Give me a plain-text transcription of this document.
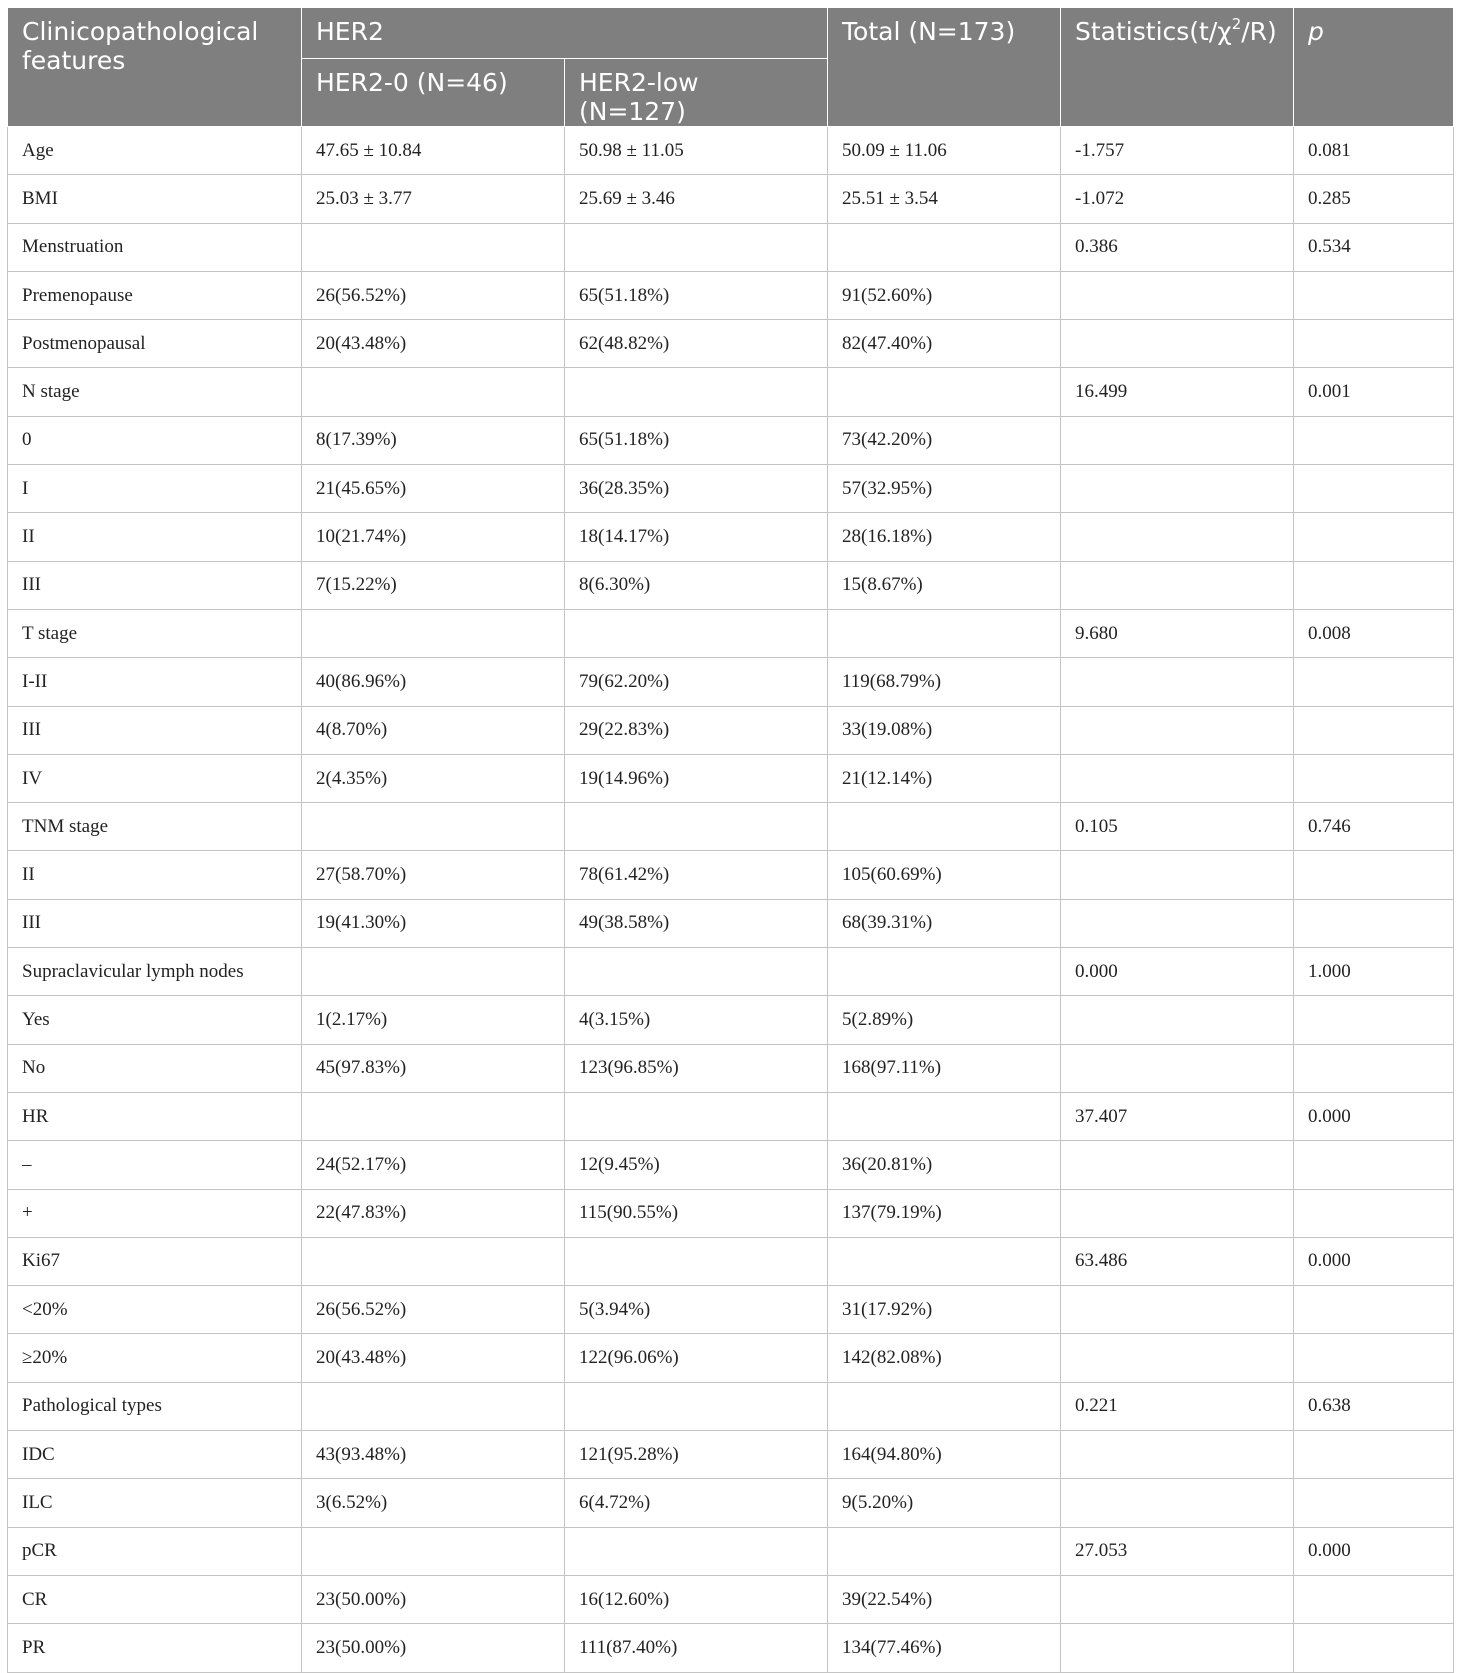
Clinicopathological features	HER2		Total (N=173)	$Statistics(t/\chi^2/R)$	p
	HER2-0 (N=46)	HER2-low (N=127)			
Age	47.65 ± 10.84	50.98 ± 11.05	50.09 ± 11.06	-1.757	0.081
BMI	25.03 ± 3.77	25.69 ± 3.46	25.51 ± 3.54	-1.072	0.285
Menstruation				0.386	0.534
Premenopause	26(56.52%)	65(51.18%)	91(52.60%)		
Postmenopausal	20(43.48%)	62(48.82%)	82(47.40%)		
N stage				16.499	0.001
0	8(17.39%)	65(51.18%)	73(42.20%)		
I	21(45.65%)	36(28.35%)	57(32.95%)		
II	10(21.74%)	18(14.17%)	28(16.18%)		
III	7(15.22%)	8(6.30%)	15(8.67%)		
T stage				9.680	0.008
I-II	40(86.96%)	79(62.20%)	119(68.79%)		
III	4(8.70%)	29(22.83%)	33(19.08%)		
IV	2(4.35%)	19(14.96%)	21(12.14%)		
TNM stage				0.105	0.746
II	27(58.70%)	78(61.42%)	105(60.69%)		
III	19(41.30%)	49(38.58%)	68(39.31%)		
Supraclavicular lymph nodes				0.000	1.000
Yes	1(2.17%)	4(3.15%)	5(2.89%)		
No	45(97.83%)	123(96.85%)	168(97.11%)		
HR				37.407	0.000
–	24(52.17%)	12(9.45%)	36(20.81%)		
+	22(47.83%)	115(90.55%)	137(79.19%)		
Ki67				63.486	0.000
<20%	26(56.52%)	5(3.94%)	31(17.92%)		
≥20%	20(43.48%)	122(96.06%)	142(82.08%)		
Pathological types				0.221	0.638
IDC	43(93.48%)	121(95.28%)	164(94.80%)		
ILC	3(6.52%)	6(4.72%)	9(5.20%)		
pCR				27.053	0.000
CR	23(50.00%)	16(12.60%)	39(22.54%)		
PR	23(50.00%)	111(87.40%)	134(77.46%)		
